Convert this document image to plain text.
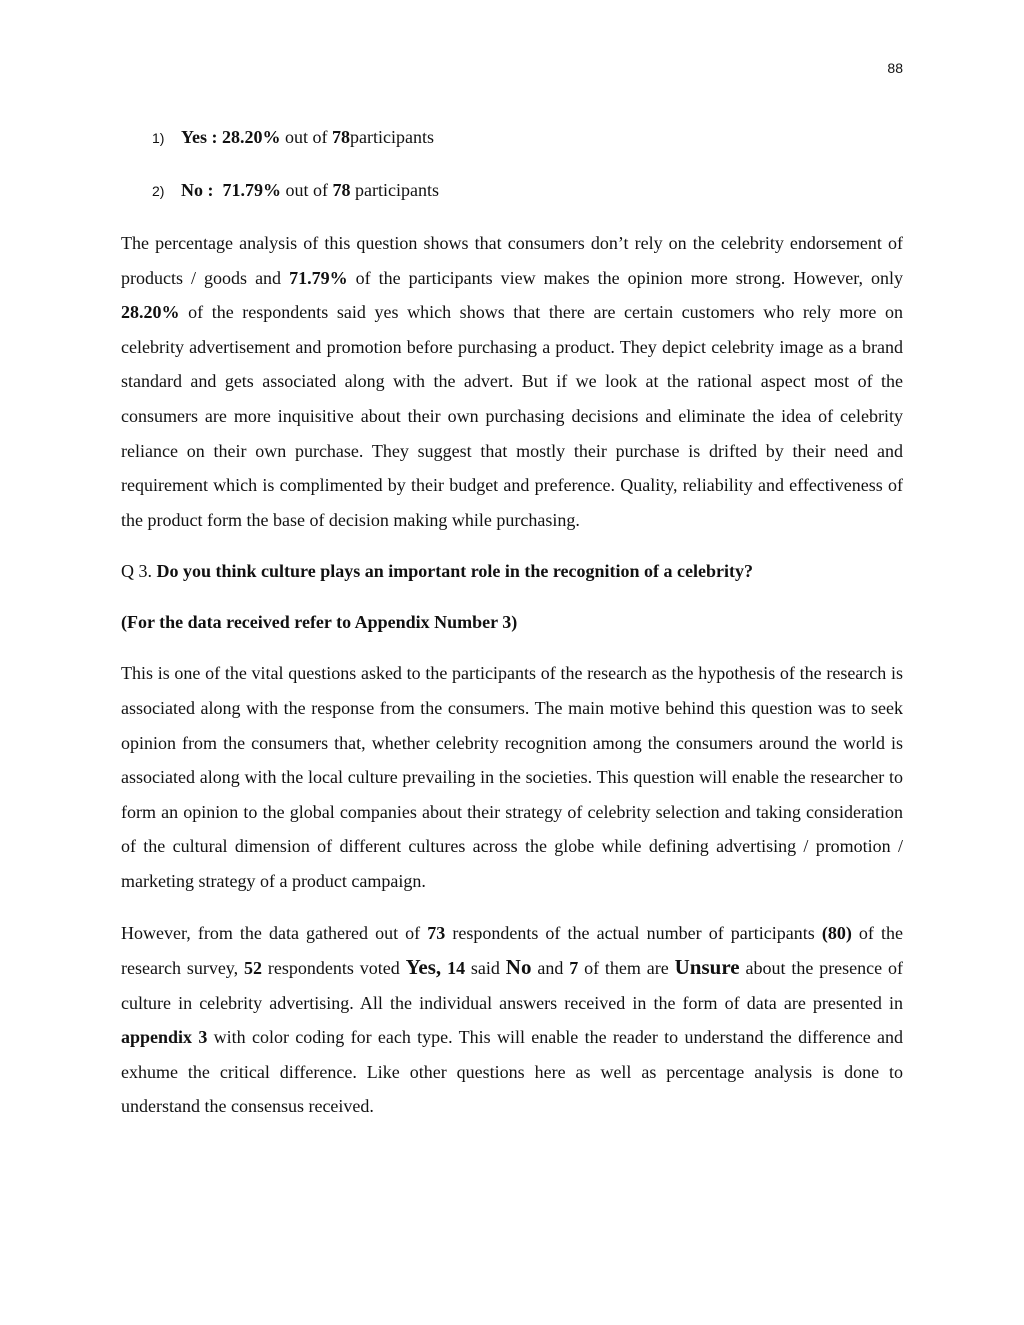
88
1) Yes : 28.20% out of 78participants
2) No : 71.79% out of 78 participants

The percentage analysis of this question shows that consumers don’t rely on the celebrity endorsement of products / goods and 71.79% of the participants view makes the opinion more strong. However, only 28.20% of the respondents said yes which shows that there are certain customers who rely more on celebrity advertisement and promotion before purchasing a product. They depict celebrity image as a brand standard and gets associated along with the advert. But if we look at the rational aspect most of the consumers are more inquisitive about their own purchasing decisions and eliminate the idea of celebrity reliance on their own purchase. They suggest that mostly their purchase is drifted by their need and requirement which is complimented by their budget and preference. Quality, reliability and effectiveness of the product form the base of decision making while purchasing.

Q 3. Do you think culture plays an important role in the recognition of a celebrity?

(For the data received refer to Appendix Number 3)

This is one of the vital questions asked to the participants of the research as the hypothesis of the research is associated along with the response from the consumers. The main motive behind this question was to seek opinion from the consumers that, whether celebrity recognition among the consumers around the world is associated along with the local culture prevailing in the societies. This question will enable the researcher to form an opinion to the global companies about their strategy of celebrity selection and taking consideration of the cultural dimension of different cultures across the globe while defining advertising / promotion / marketing strategy of a product campaign.

However, from the data gathered out of 73 respondents of the actual number of participants (80) of the research survey, 52 respondents voted Yes, 14 said No and 7 of them are Unsure about the presence of culture in celebrity advertising. All the individual answers received in the form of data are presented in appendix 3 with color coding for each type. This will enable the reader to understand the difference and exhume the critical difference. Like other questions here as well as percentage analysis is done to understand the consensus received.
